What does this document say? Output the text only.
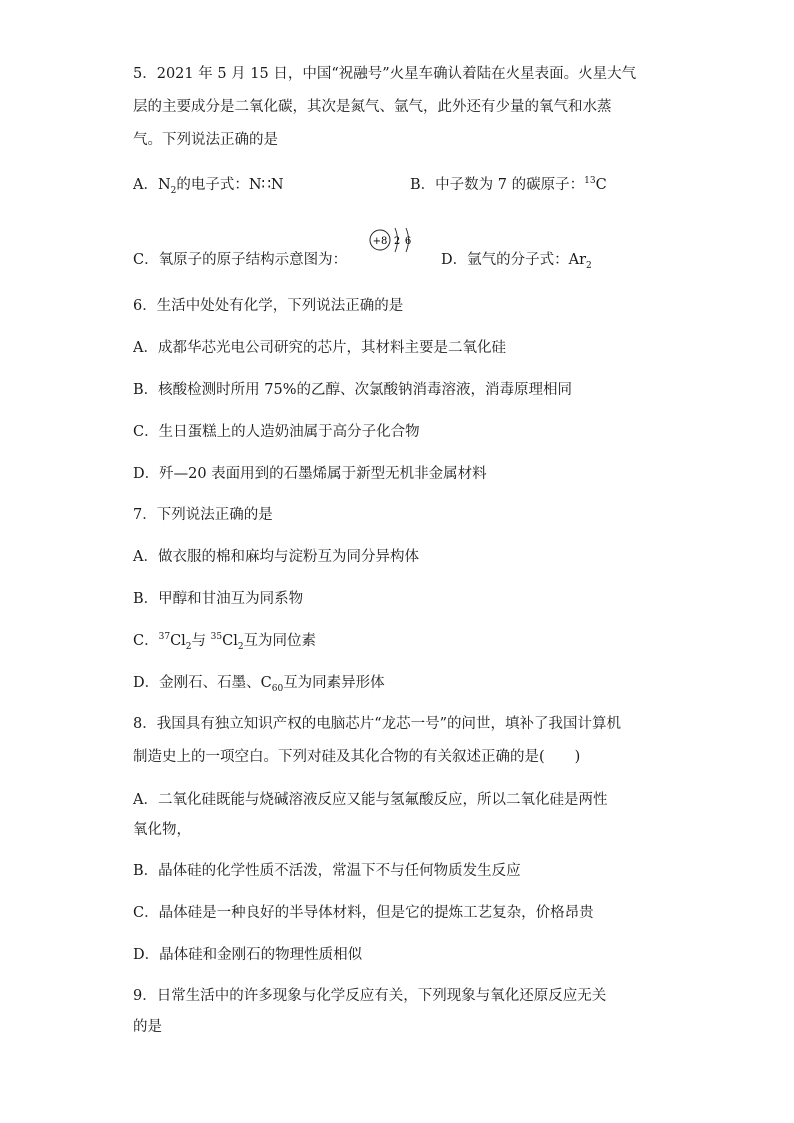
5．2021 年 5 月 15 日，中国“祝融号”火星车确认着陆在火星表面。火星大气
层的主要成分是二氧化碳，其次是氮气、氩气，此外还有少量的氧气和水蒸
气。下列说法正确的是
A．$N_2$的电子式：N∷N	B．中子数为 7 的碳原子：$^{13}$C
C．氧原子的原子结构示意图为：
+8 2 6
D．氩气的分子式：$Ar_2$
6．生活中处处有化学，下列说法正确的是
A．成都华芯光电公司研究的芯片，其材料主要是二氧化硅
B．核酸检测时所用 75%的乙醇、次氯酸钠消毒溶液，消毒原理相同
C．生日蛋糕上的人造奶油属于高分子化合物
D．歼—20 表面用到的石墨烯属于新型无机非金属材料
7．下列说法正确的是
A．做衣服的棉和麻均与淀粉互为同分异构体
B．甲醇和甘油互为同系物
C．$^{37}Cl_2$与 $^{35}Cl_2$互为同位素
D．金刚石、石墨、$C_{60}$互为同素异形体
8．我国具有独立知识产权的电脑芯片“龙芯一号”的问世，填补了我国计算机
制造史上的一项空白。下列对硅及其化合物的有关叙述正确的是( )
A．二氧化硅既能与烧碱溶液反应又能与氢氟酸反应，所以二氧化硅是两性
氧化物，
B．晶体硅的化学性质不活泼，常温下不与任何物质发生反应
C．晶体硅是一种良好的半导体材料，但是它的提炼工艺复杂，价格昂贵
D．晶体硅和金刚石的物理性质相似
9．日常生活中的许多现象与化学反应有关，下列现象与氧化还原反应无关
的是
